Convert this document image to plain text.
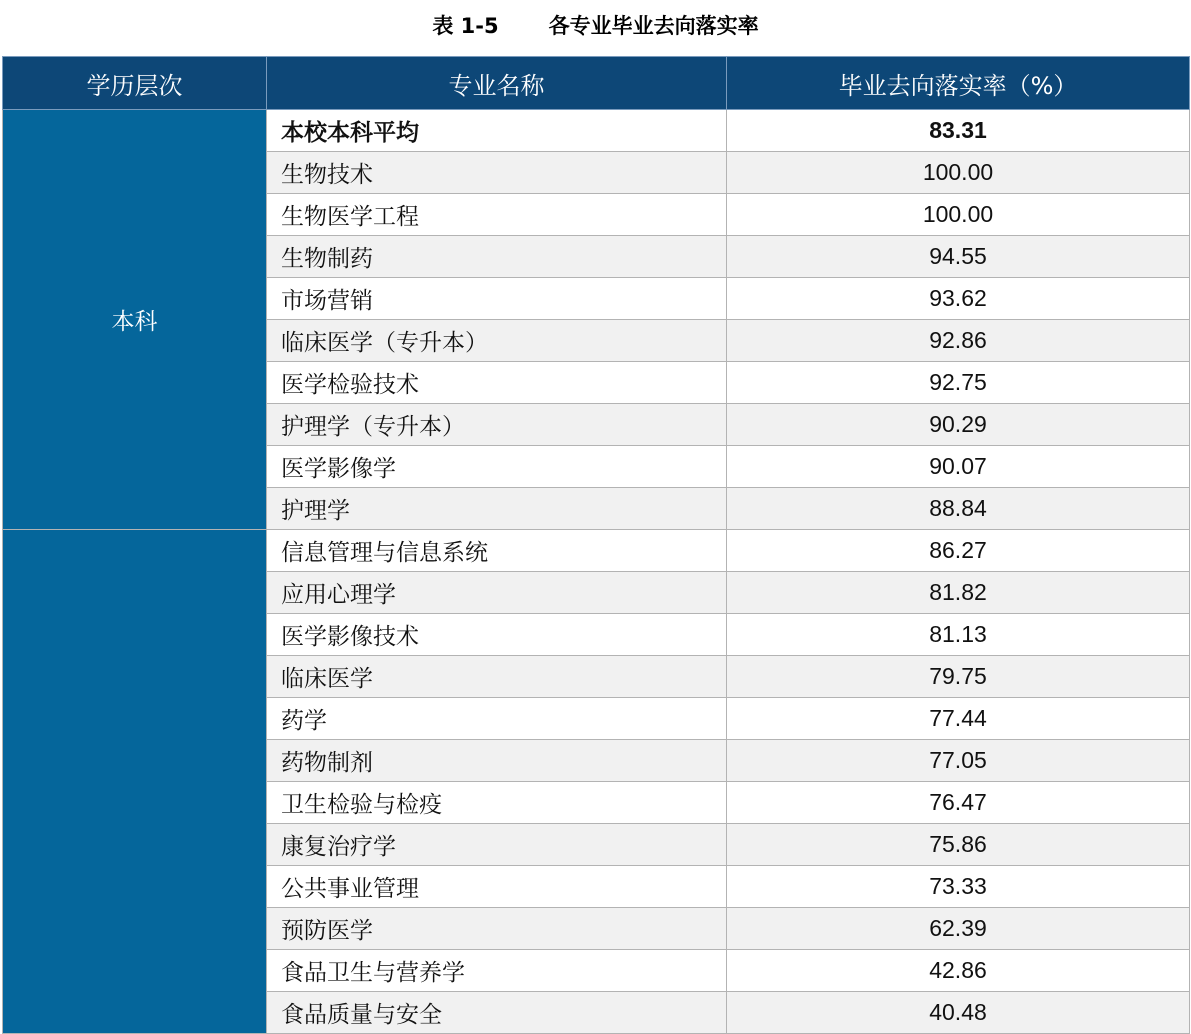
表 1-5 各专业毕业去向落实率
学历层次	专业名称	毕业去向落实率（%）
本科	本校本科平均	83.31
	生物技术	100.00
	生物医学工程	100.00
	生物制药	94.55
	市场营销	93.62
	临床医学（专升本）	92.86
	医学检验技术	92.75
	护理学（专升本）	90.29
	医学影像学	90.07
	护理学	88.84
	信息管理与信息系统	86.27
	应用心理学	81.82
	医学影像技术	81.13
	临床医学	79.75
	药学	77.44
	药物制剂	77.05
	卫生检验与检疫	76.47
	康复治疗学	75.86
	公共事业管理	73.33
	预防医学	62.39
	食品卫生与营养学	42.86
	食品质量与安全	40.48
